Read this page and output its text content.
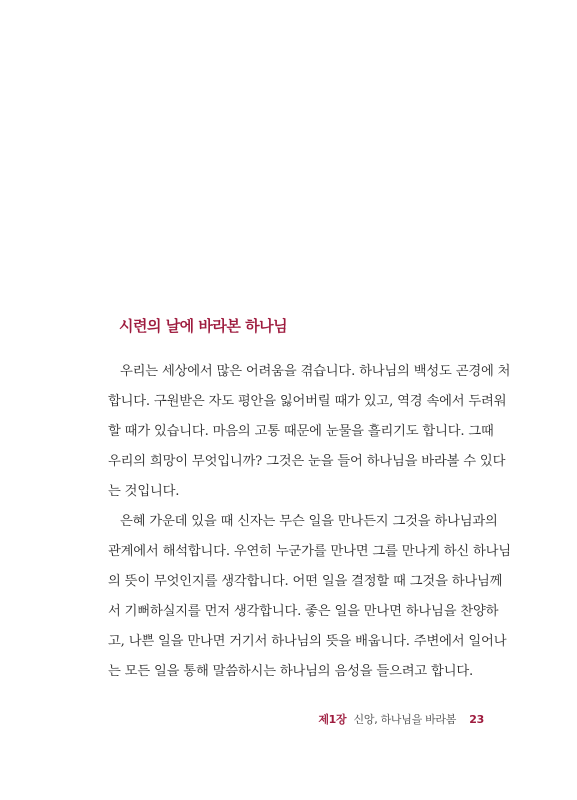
시련의 날에 바라본 하나님
우리는 세상에서 많은 어려움을 겪습니다. 하나님의 백성도 곤경에 처
합니다. 구원받은 자도 평안을 잃어버릴 때가 있고, 역경 속에서 두려워
할 때가 있습니다. 마음의 고통 때문에 눈물을 흘리기도 합니다. 그때
우리의 희망이 무엇입니까? 그것은 눈을 들어 하나님을 바라볼 수 있다
는 것입니다.
은혜 가운데 있을 때 신자는 무슨 일을 만나든지 그것을 하나님과의
관계에서 해석합니다. 우연히 누군가를 만나면 그를 만나게 하신 하나님
의 뜻이 무엇인지를 생각합니다. 어떤 일을 결정할 때 그것을 하나님께
서 기뻐하실지를 먼저 생각합니다. 좋은 일을 만나면 하나님을 찬양하
고, 나쁜 일을 만나면 거기서 하나님의 뜻을 배웁니다. 주변에서 일어나
는 모든 일을 통해 말씀하시는 하나님의 음성을 들으려고 합니다.
제1장 신앙, 하나님을 바라봄 23
